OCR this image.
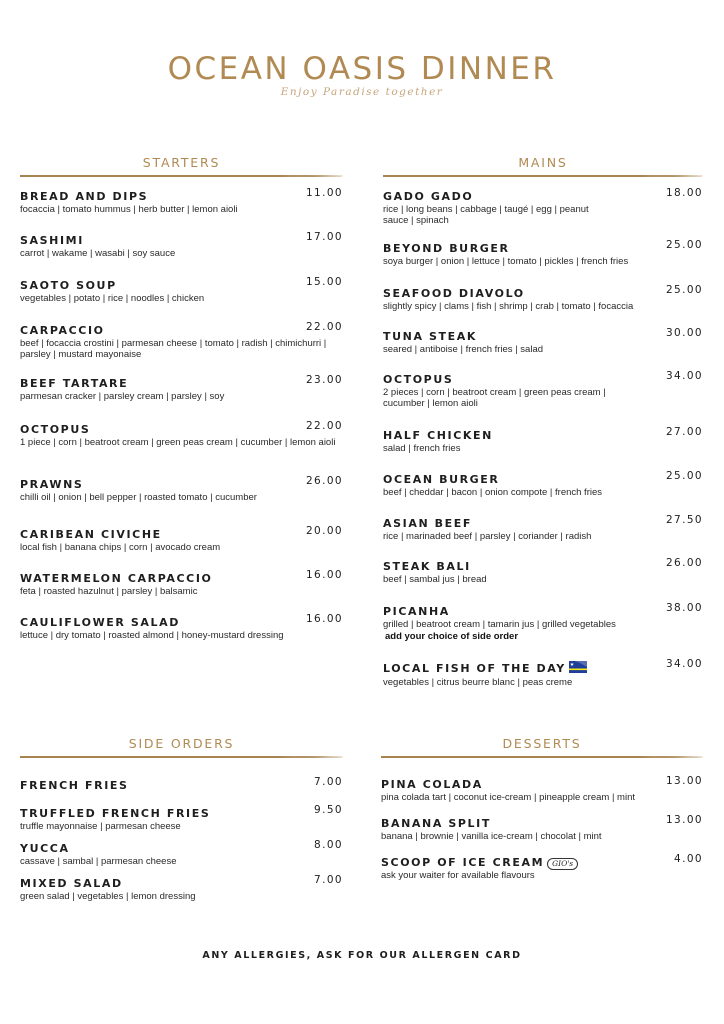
OCEAN OASIS DINNER
Enjoy Paradise together
STARTERS
BREAD AND DIPS	11.00
focaccia | tomato hummus | herb butter | lemon aioli
SASHIMI	17.00
carrot | wakame | wasabi | soy sauce
SAOTO SOUP	15.00
vegetables | potato | rice | noodles | chicken
CARPACCIO	22.00
beef | focaccia crostini | parmesan cheese | tomato | radish | chimichurri | parsley | mustard mayonaise
BEEF TARTARE	23.00
parmesan cracker | parsley cream | parsley | soy
OCTOPUS	22.00
1 piece | corn | beatroot cream | green peas cream | cucumber | lemon aioli
PRAWNS	26.00
chilli oil | onion | bell pepper | roasted tomato | cucumber
CARIBEAN CIVICHE	20.00
local fish | banana chips | corn | avocado cream
WATERMELON CARPACCIO	16.00
feta | roasted hazulnut | parsley | balsamic
CAULIFLOWER SALAD	16.00
lettuce | dry tomato | roasted almond | honey-mustard dressing
MAINS
GADO GADO	18.00
rice | long beans | cabbage | taugé | egg | peanut sauce | spinach
BEYOND BURGER	25.00
soya burger | onion | lettuce | tomato | pickles | french fries
SEAFOOD DIAVOLO	25.00
slightly spicy | clams | fish | shrimp | crab | tomato | focaccia
TUNA STEAK	30.00
seared | antiboise | french fries | salad
OCTOPUS	34.00
2 pieces | corn | beatroot cream | green peas cream | cucumber | lemon aioli
HALF CHICKEN	27.00
salad | french fries
OCEAN BURGER	25.00
beef | cheddar | bacon | onion compote | french fries
ASIAN BEEF	27.50
rice | marinaded beef | parsley | coriander | radish
STEAK BALI	26.00
beef | sambal jus | bread
PICANHA	38.00
grilled | beatroot cream | tamarin jus | grilled vegetables
add your choice of side order
LOCAL FISH OF THE DAY	34.00
vegetables | citrus beurre blanc | peas creme
SIDE ORDERS
FRENCH FRIES	7.00
TRUFFLED FRENCH FRIES	9.50
truffle mayonnaise | parmesan cheese
YUCCA	8.00
cassave | sambal | parmesan cheese
MIXED SALAD	7.00
green salad | vegetables | lemon dressing
DESSERTS
PINA COLADA	13.00
pina colada tart | coconut ice-cream | pineapple cream | mint
BANANA SPLIT	13.00
banana | brownie | vanilla ice-cream | chocolat | mint
SCOOP OF ICE CREAM GIO's	4.00
ask your waiter for available flavours
ANY ALLERGIES, ASK FOR OUR ALLERGEN CARD
